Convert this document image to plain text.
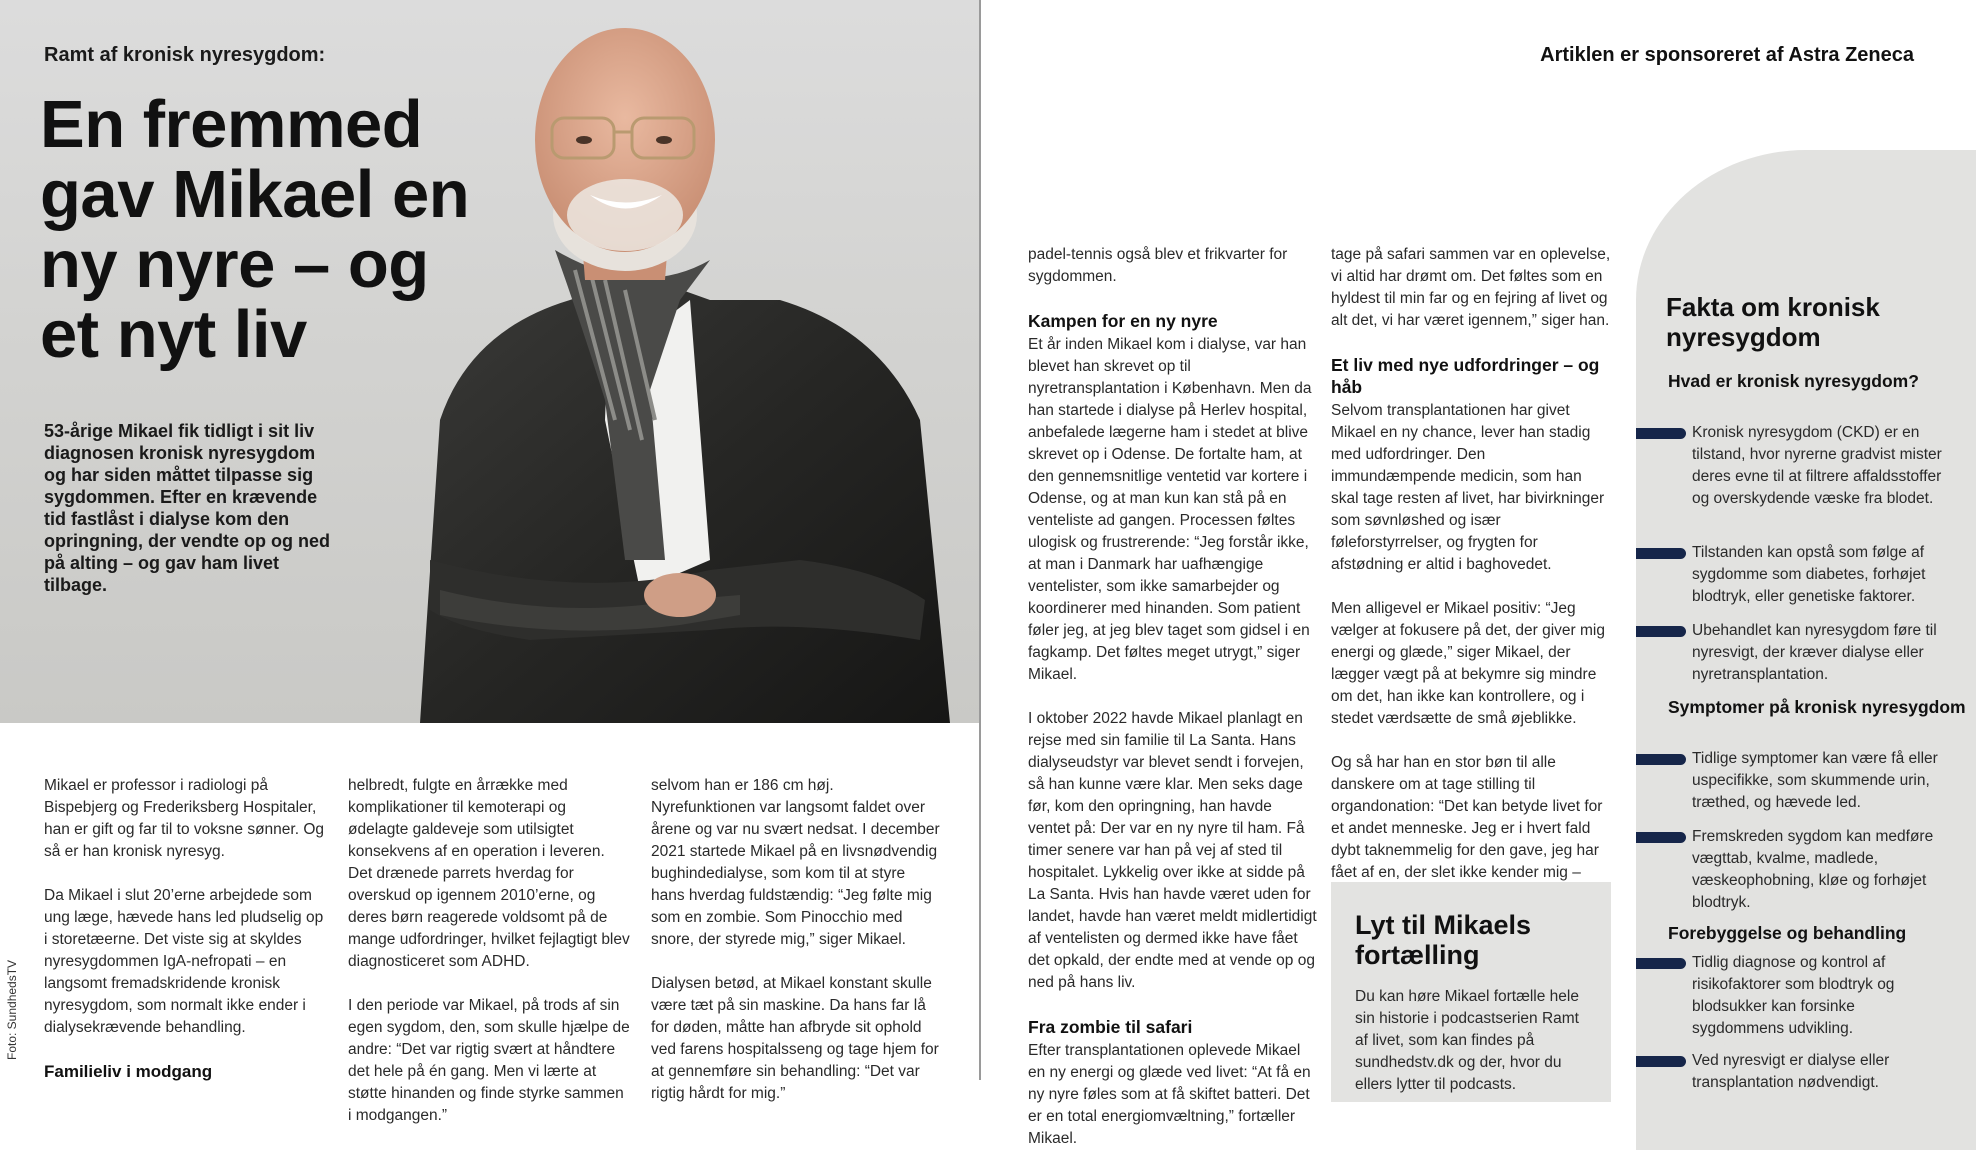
Ramt af kronisk nyresygdom:

En fremmed gav Mikael en ny nyre – og et nyt liv

53-årige Mikael fik tidligt i sit liv diagnosen kronisk nyresygdom og har siden måttet tilpasse sig sygdommen. Efter en krævende tid fastlåst i dialyse kom den opringning, der vendte op og ned på alting – og gav ham livet tilbage.

Foto: SundhedsTV

Mikael er professor i radiologi på Bispebjerg og Frederiksberg Hospitaler, han er gift og far til to voksne sønner. Og så er han kronisk nyresyg.

Da Mikael i slut 20’erne arbejdede som ung læge, hævede hans led pludselig op i storetæerne. Det viste sig at skyldes nyresygdommen IgA-nefropati – en langsomt fremadskridende kronisk nyresygdom, som normalt ikke ender i dialysekrævende behandling.

Familieliv i modgang

helbredt, fulgte en årrække med komplikationer til kemoterapi og ødelagte galdeveje som utilsigtet konsekvens af en operation i leveren. Det drænede parrets hverdag for overskud op igennem 2010’erne, og deres børn reagerede voldsomt på de mange udfordringer, hvilket fejlagtigt blev diagnosticeret som ADHD.

I den periode var Mikael, på trods af sin egen sygdom, den, som skulle hjælpe de andre: “Det var rigtig svært at håndtere det hele på én gang. Men vi lærte at støtte hinanden og finde styrke sammen i modgangen.”

selvom han er 186 cm høj. Nyrefunktionen var langsomt faldet over årene og var nu svært nedsat. I december 2021 startede Mikael på en livsnødvendig bughindedialyse, som kom til at styre hans hverdag fuldstændig: “Jeg følte mig som en zombie. Som Pinocchio med snore, der styrede mig,” siger Mikael.

Dialysen betød, at Mikael konstant skulle være tæt på sin maskine. Da hans far lå for døden, måtte han afbryde sit ophold ved farens hospitalsseng og tage hjem for at gennemføre sin behandling: “Det var rigtig hårdt for mig.”

Artiklen er sponsoreret af Astra Zeneca

padel-tennis også blev et frikvarter for sygdommen.

Kampen for en ny nyre

Et år inden Mikael kom i dialyse, var han blevet han skrevet op til nyretransplantation i København. Men da han startede i dialyse på Herlev hospital, anbefalede lægerne ham i stedet at blive skrevet op i Odense. De fortalte ham, at den gennemsnitlige ventetid var kortere i Odense, og at man kun kan stå på en venteliste ad gangen. Processen føltes ulogisk og frustrerende: “Jeg forstår ikke, at man i Danmark har uafhængige ventelister, som ikke samarbejder og koordinerer med hinanden. Som patient føler jeg, at jeg blev taget som gidsel i en fagkamp. Det føltes meget utrygt,” siger Mikael.

I oktober 2022 havde Mikael planlagt en rejse med sin familie til La Santa. Hans dialyseudstyr var blevet sendt i forvejen, så han kunne være klar. Men seks dage før, kom den opringning, han havde ventet på: Der var en ny nyre til ham. Få timer senere var han på vej af sted til hospitalet. Lykkelig over ikke at sidde på La Santa. Hvis han havde været uden for landet, havde han været meldt midlertidigt af ventelisten og dermed ikke have fået det opkald, der endte med at vende op og ned på hans liv.

Fra zombie til safari

Efter transplantationen oplevede Mikael en ny energi og glæde ved livet: “At få en ny nyre føles som at få skiftet batteri. Det er en total energiomvæltning,” fortæller Mikael.

tage på safari sammen var en oplevelse, vi altid har drømt om. Det føltes som en hyldest til min far og en fejring af livet og alt det, vi har været igennem,” siger han.

Et liv med nye udfordringer – og håb

Selvom transplantationen har givet Mikael en ny chance, lever han stadig med udfordringer. Den immundæmpende medicin, som han skal tage resten af livet, har bivirkninger som søvnløshed og især føleforstyrrelser, og frygten for afstødning er altid i baghovedet.

Men alligevel er Mikael positiv: “Jeg vælger at fokusere på det, der giver mig energi og glæde,” siger Mikael, der lægger vægt på at bekymre sig mindre om det, han ikke kan kontrollere, og i stedet værdsætte de små øjeblikke.

Og så har han en stor bøn til alle danskere om at tage stilling til organdonation: “Det kan betyde livet for et andet menneske. Jeg er i hvert fald dybt taknemmelig for den gave, jeg har fået af en, der slet ikke kender mig –

Lyt til Mikaels fortælling

Du kan høre Mikael fortælle hele sin historie i podcastserien Ramt af livet, som kan findes på sundhedstv.dk og der, hvor du ellers lytter til podcasts.

Fakta om kronisk nyresygdom
Hvad er kronisk nyresygdom?
Kronisk nyresygdom (CKD) er en tilstand, hvor nyrerne gradvist mister deres evne til at filtrere affaldsstoffer og overskydende væske fra blodet.
Tilstanden kan opstå som følge af sygdomme som diabetes, forhøjet blodtryk, eller genetiske faktorer.
Ubehandlet kan nyresygdom føre til nyresvigt, der kræver dialyse eller nyretransplantation.
Symptomer på kronisk nyresygdom
Tidlige symptomer kan være få eller uspecifikke, som skummende urin, træthed, og hævede led.
Fremskreden sygdom kan medføre vægttab, kvalme, madlede, væskeophobning, kløe og forhøjet blodtryk.
Forebyggelse og behandling
Tidlig diagnose og kontrol af risikofaktorer som blodtryk og blodsukker kan forsinke sygdommens udvikling.
Ved nyresvigt er dialyse eller transplantation nødvendigt.
